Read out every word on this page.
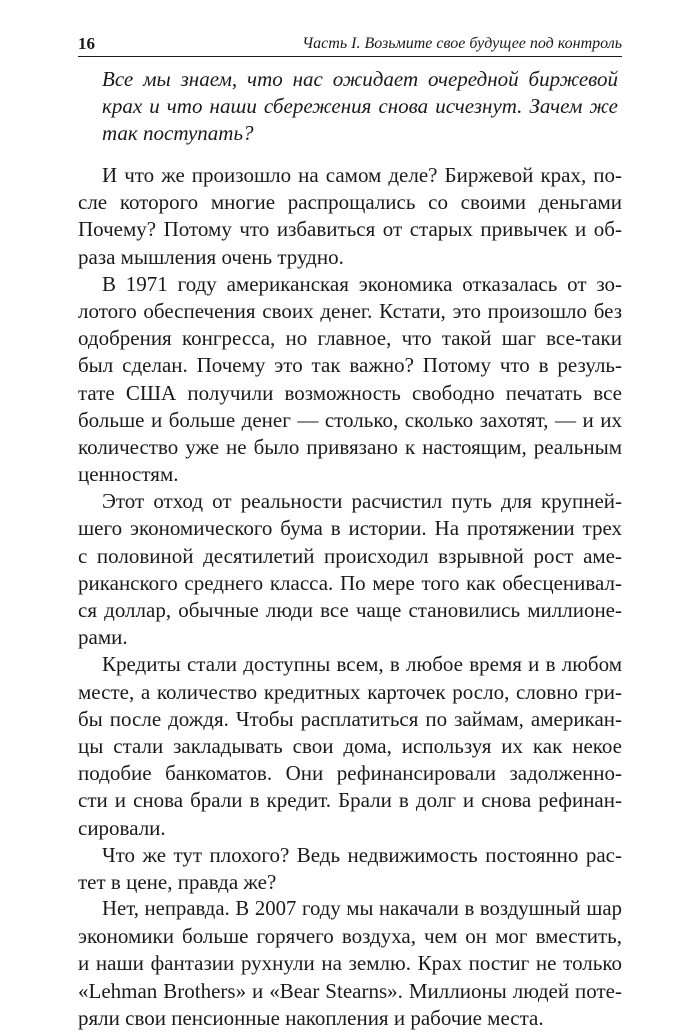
16	Часть I. Возьмите свое будущее под контроль
Все мы знаем, что нас ожидает очередной биржевой
крах и что наши сбережения снова исчезнут. Зачем же
так поступать?
И что же произошло на самом деле? Биржевой крах, по-
сле которого многие распрощались со своими деньгами
Почему? Потому что избавиться от старых привычек и об-
раза мышления очень трудно.
В 1971 году американская экономика отказалась от зо-
лотого обеспечения своих денег. Кстати, это произошло без
одобрения конгресса, но главное, что такой шаг все-таки
был сделан. Почему это так важно? Потому что в резуль-
тате США получили возможность свободно печатать все
больше и больше денег — столько, сколько захотят, — и их
количество уже не было привязано к настоящим, реальным
ценностям.
Этот отход от реальности расчистил путь для крупней-
шего экономического бума в истории. На протяжении трех
с половиной десятилетий происходил взрывной рост аме-
риканского среднего класса. По мере того как обесценивал-
ся доллар, обычные люди все чаще становились миллионе-
рами.
Кредиты стали доступны всем, в любое время и в любом
месте, а количество кредитных карточек росло, словно гри-
бы после дождя. Чтобы расплатиться по займам, американ-
цы стали закладывать свои дома, используя их как некое
подобие банкоматов. Они рефинансировали задолженно-
сти и снова брали в кредит. Брали в долг и снова рефинан-
сировали.
Что же тут плохого? Ведь недвижимость постоянно рас-
тет в цене, правда же?
Нет, неправда. В 2007 году мы накачали в воздушный шар
экономики больше горячего воздуха, чем он мог вместить,
и наши фантазии рухнули на землю. Крах постиг не только
«Lehman Brothers» и «Bear Stearns». Миллионы людей поте-
ряли свои пенсионные накопления и рабочие места.
